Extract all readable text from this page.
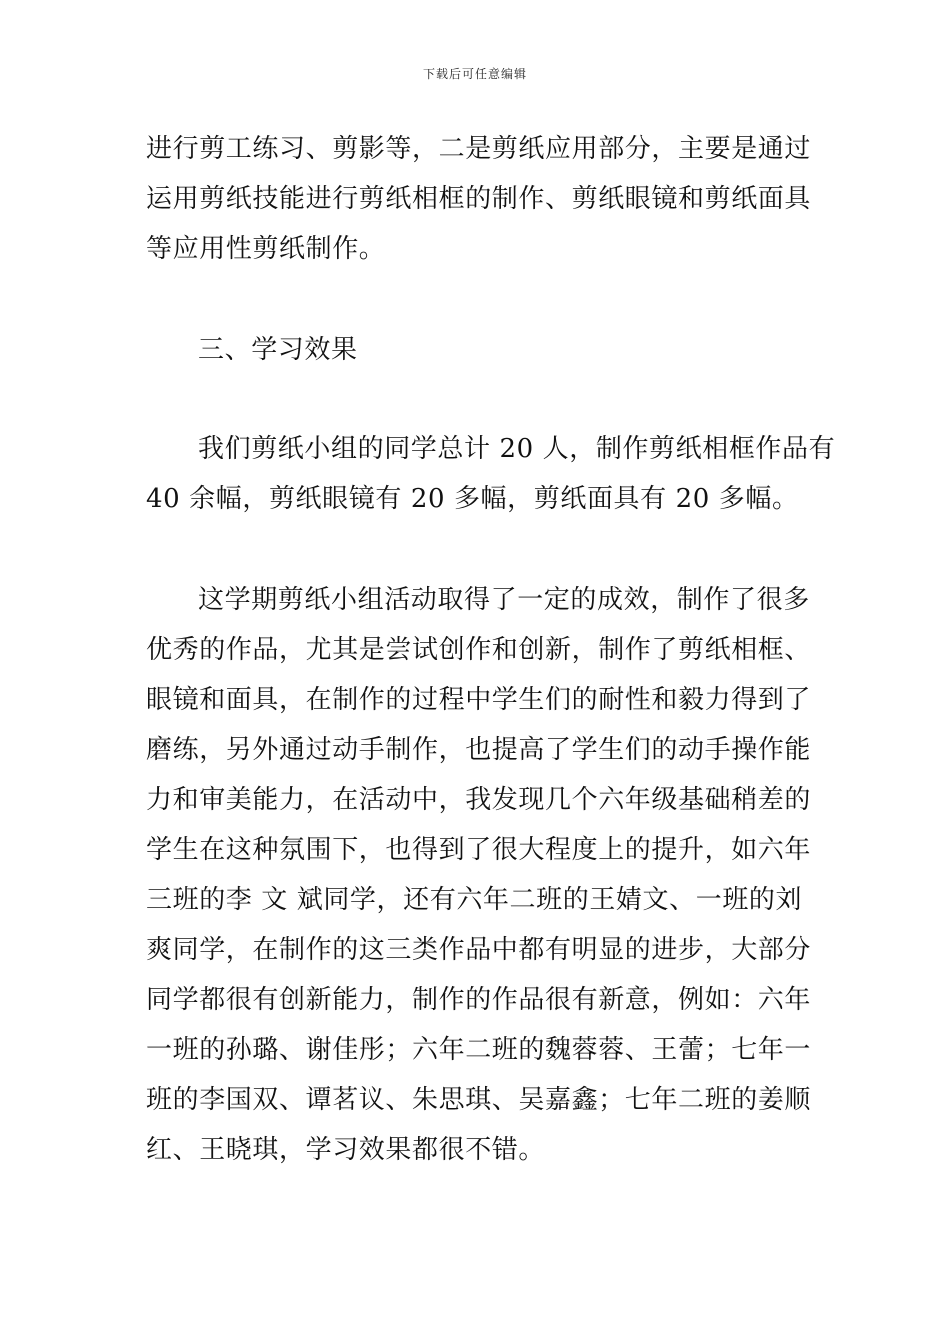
下载后可任意编辑
进行剪工练习、剪影等，二是剪纸应用部分，主要是通过
运用剪纸技能进行剪纸相框的制作、剪纸眼镜和剪纸面具
等应用性剪纸制作。
三、学习效果
我们剪纸小组的同学总计 20 人，制作剪纸相框作品有
40 余幅，剪纸眼镜有 20 多幅，剪纸面具有 20 多幅。
这学期剪纸小组活动取得了一定的成效，制作了很多
优秀的作品，尤其是尝试创作和创新，制作了剪纸相框、
眼镜和面具，在制作的过程中学生们的耐性和毅力得到了
磨练，另外通过动手制作，也提高了学生们的动手操作能
力和审美能力，在活动中，我发现几个六年级基础稍差的
学生在这种氛围下，也得到了很大程度上的提升，如六年
三班的李 文 斌同学，还有六年二班的王婧文、一班的刘
爽同学，在制作的这三类作品中都有明显的进步，大部分
同学都很有创新能力，制作的作品很有新意，例如：六年
一班的孙璐、谢佳彤；六年二班的魏蓉蓉、王蕾；七年一
班的李国双、谭茗议、朱思琪、吴嘉鑫；七年二班的姜顺
红、王晓琪，学习效果都很不错。
